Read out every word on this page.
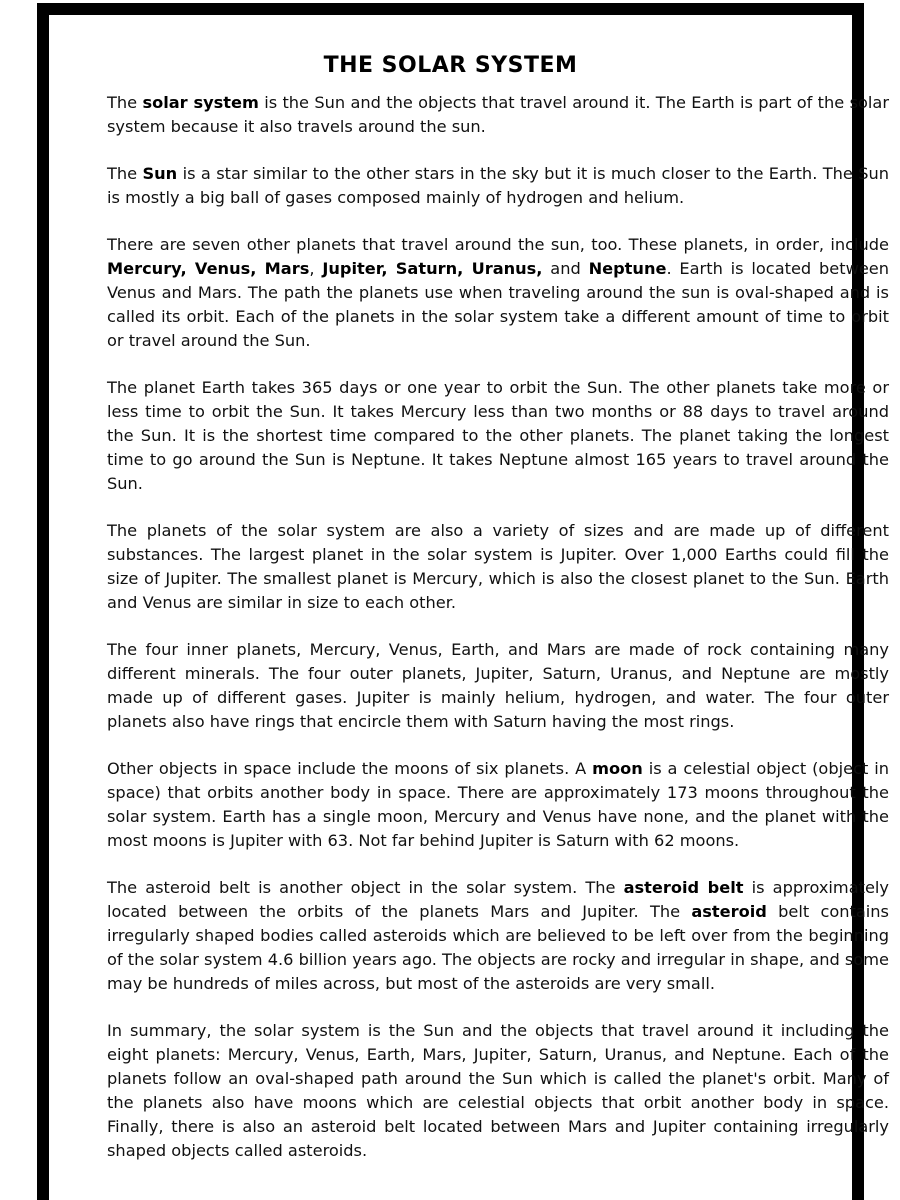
THE SOLAR SYSTEM

The solar system is the Sun and the objects that travel around it. The Earth is part of the solar system because it also travels around the sun.

The Sun is a star similar to the other stars in the sky but it is much closer to the Earth. The Sun is mostly a big ball of gases composed mainly of hydrogen and helium.

There are seven other planets that travel around the sun, too. These planets, in order, include Mercury, Venus, Mars, Jupiter, Saturn, Uranus, and Neptune. Earth is located between Venus and Mars. The path the planets use when traveling around the sun is oval-shaped and is called its orbit. Each of the planets in the solar system take a different amount of time to orbit or travel around the Sun.

The planet Earth takes 365 days or one year to orbit the Sun. The other planets take more or less time to orbit the Sun. It takes Mercury less than two months or 88 days to travel around the Sun. It is the shortest time compared to the other planets. The planet taking the longest time to go around the Sun is Neptune. It takes Neptune almost 165 years to travel around the Sun.

The planets of the solar system are also a variety of sizes and are made up of different substances. The largest planet in the solar system is Jupiter. Over 1,000 Earths could fill the size of Jupiter. The smallest planet is Mercury, which is also the closest planet to the Sun. Earth and Venus are similar in size to each other.

The four inner planets, Mercury, Venus, Earth, and Mars are made of rock containing many different minerals. The four outer planets, Jupiter, Saturn, Uranus, and Neptune are mostly made up of different gases. Jupiter is mainly helium, hydrogen, and water. The four outer planets also have rings that encircle them with Saturn having the most rings.

Other objects in space include the moons of six planets. A moon is a celestial object (object in space) that orbits another body in space. There are approximately 173 moons throughout the solar system. Earth has a single moon, Mercury and Venus have none, and the planet with the most moons is Jupiter with 63. Not far behind Jupiter is Saturn with 62 moons.

The asteroid belt is another object in the solar system. The asteroid belt is approximately located between the orbits of the planets Mars and Jupiter. The asteroid belt contains irregularly shaped bodies called asteroids which are believed to be left over from the beginning of the solar system 4.6 billion years ago. The objects are rocky and irregular in shape, and some may be hundreds of miles across, but most of the asteroids are very small.

In summary, the solar system is the Sun and the objects that travel around it including the eight planets: Mercury, Venus, Earth, Mars, Jupiter, Saturn, Uranus, and Neptune. Each of the planets follow an oval-shaped path around the Sun which is called the planet's orbit. Many of the planets also have moons which are celestial objects that orbit another body in space. Finally, there is also an asteroid belt located between Mars and Jupiter containing irregularly shaped objects called asteroids.
